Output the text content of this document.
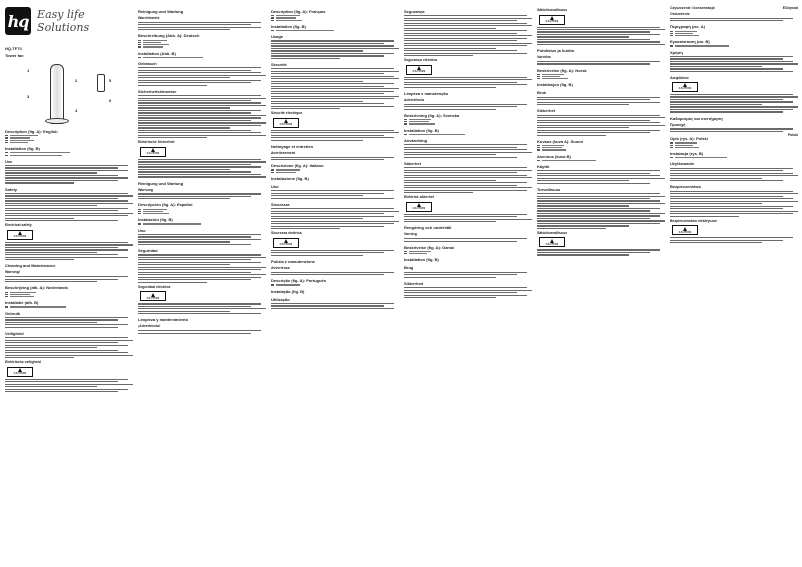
hq Easy life Solutions
HQ-TF70
Tower fan
1
2
3
4
5
6
Description (fig. A): English
Installation (fig. B)
Use
Safety
Electrical safety
CAUTION
Cleaning and Maintenance
Warning!
Beschrijving (afb. A): Nederlands
Installatie (afb. B)
Gebruik
Veiligheid
Elektrische veiligheid
CAUTION
Reinigung und Wartung
Warnhinweis
Beschreibung (Abb. A): Deutsch
Installation (Abb. B)
Gebrauch
Sicherheitshinweise
Elektrische Sicherheit
CAUTION
Reinigung und Wartung
Warnung
Descripción (fig. A): Español
Instalación (fig. B)
Uso
Seguridad
Seguridad eléctrica
CAUTION
Limpieza y mantenimiento
¡Advertencia!
Description (fig. A): Français
Installation (fig. B)
Usage
Sécurité
Sécurité électrique
CAUTION
Nettoyage et entretien
Avertissement
Descrizione (fig. A): Italiano
Installazione (fig. B)
Uso
Sicurezza
Sicurezza elettrica
CAUTION
Pulizia e manutenzione
Avvertenza
Descrição (fig. A): Português
Instalação (fig. B)
Utilização
Segurança
Segurança eléctrica
CAUTION
Limpeza e manutenção
Advertência
Beskrivning (fig. A): Svenska
Installation (fig. B)
Användning
Säkerhet
Elektrisk säkerhet
CAUTION
Rengöring och underhåll
Varning
Beskrivelse (fig. A): Dansk
Installation (fig. B)
Brug
Sikkerhed
Sähköturvallisuus
CAUTION
Puhdistus ja huolto
Varoitus
Beskrivelse (fig. A): Norsk
Installasjon (fig. B)
Bruk
Sikkerhet
Kuvaus (kuva A): Suomi
Asennus (kuva B)
Käyttö
Turvallisuus
Sähköturvallisuus
CAUTION
Czyszczenie i konserwacja	Ελληνικά
Ostrzeżenie
Περιγραφή (εικ. A)
Εγκατάσταση (εικ. B)
Χρήση
Ασφάλεια
CAUTION
Καθαρισμός και συντήρηση
Προσοχή
Opis (rys. A): Polski
Polski
Instalacja (rys. B)
Użytkowanie
Bezpieczeństwo
Bezpieczeństwo elektryczne
CAUTION
